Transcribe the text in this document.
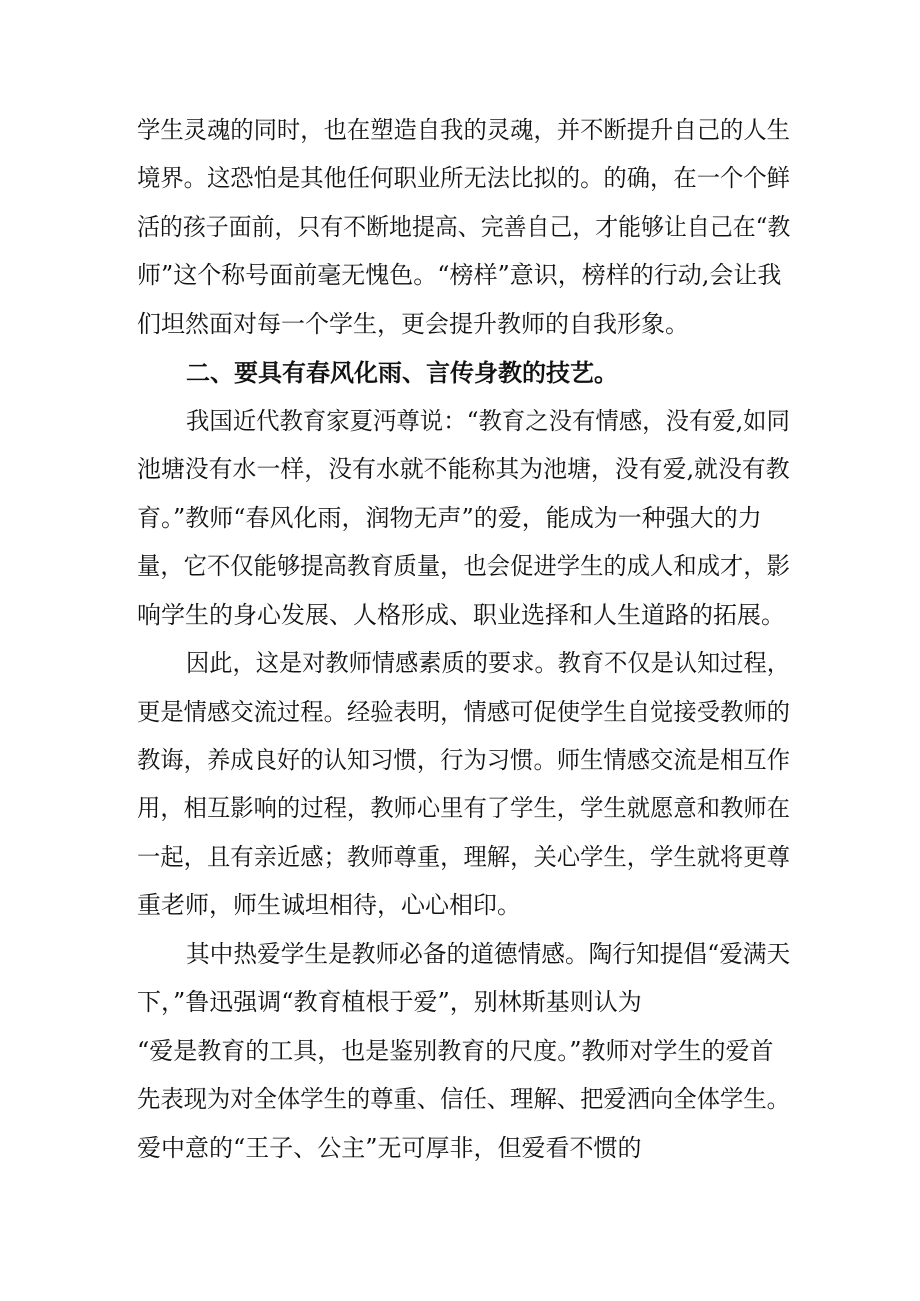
学生灵魂的同时，也在塑造自我的灵魂，并不断提升自己的人生
境界。这恐怕是其他任何职业所无法比拟的。的确，在一个个鲜
活的孩子面前，只有不断地提高、完善自己，才能够让自己在“教
师”这个称号面前毫无愧色。“榜样”意识，榜样的行动,会让我
们坦然面对每一个学生，更会提升教师的自我形象。
二、要具有春风化雨、言传身教的技艺。
我国近代教育家夏沔尊说：“教育之没有情感，没有爱,如同
池塘没有水一样，没有水就不能称其为池塘，没有爱,就没有教
育。”教师“春风化雨，润物无声”的爱，能成为一种强大的力
量，它不仅能够提高教育质量，也会促进学生的成人和成才，影
响学生的身心发展、人格形成、职业选择和人生道路的拓展。
因此，这是对教师情感素质的要求。教育不仅是认知过程，
更是情感交流过程。经验表明，情感可促使学生自觉接受教师的
教诲，养成良好的认知习惯，行为习惯。师生情感交流是相互作
用，相互影响的过程，教师心里有了学生，学生就愿意和教师在
一起，且有亲近感；教师尊重，理解，关心学生，学生就将更尊
重老师，师生诚坦相待，心心相印。
其中热爱学生是教师必备的道德情感。陶行知提倡“爱满天
下，”鲁迅强调“教育植根于爱”，别林斯基则认为
“爱是教育的工具，也是鉴别教育的尺度。”教师对学生的爱首
先表现为对全体学生的尊重、信任、理解、把爱洒向全体学生。
爱中意的“王子、公主”无可厚非，但爱看不惯的
